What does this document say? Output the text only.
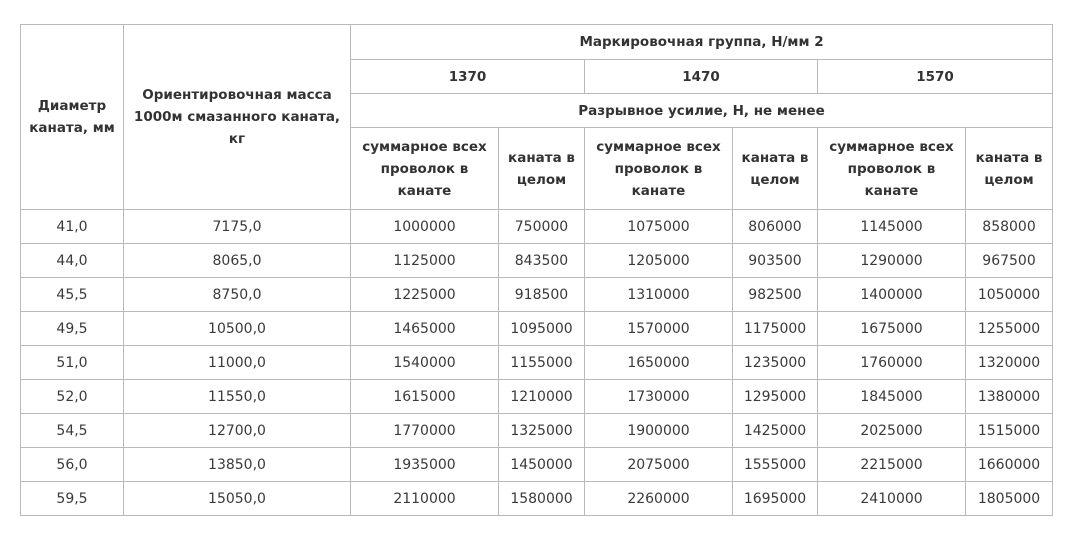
Диаметр каната, мм	Ориентировочная масса 1000м смазанного каната, кг	Маркировочная группа, Н/мм 2					
		1370		1470		1570	
		Разрывное усилие, Н, не менее					
		суммарное всех проволок в канате	каната в целом	суммарное всех проволок в канате	каната в целом	суммарное всех проволок в канате	каната в целом
41,0	7175,0	1000000	750000	1075000	806000	1145000	858000
44,0	8065,0	1125000	843500	1205000	903500	1290000	967500
45,5	8750,0	1225000	918500	1310000	982500	1400000	1050000
49,5	10500,0	1465000	1095000	1570000	1175000	1675000	1255000
51,0	11000,0	1540000	1155000	1650000	1235000	1760000	1320000
52,0	11550,0	1615000	1210000	1730000	1295000	1845000	1380000
54,5	12700,0	1770000	1325000	1900000	1425000	2025000	1515000
56,0	13850,0	1935000	1450000	2075000	1555000	2215000	1660000
59,5	15050,0	2110000	1580000	2260000	1695000	2410000	1805000
